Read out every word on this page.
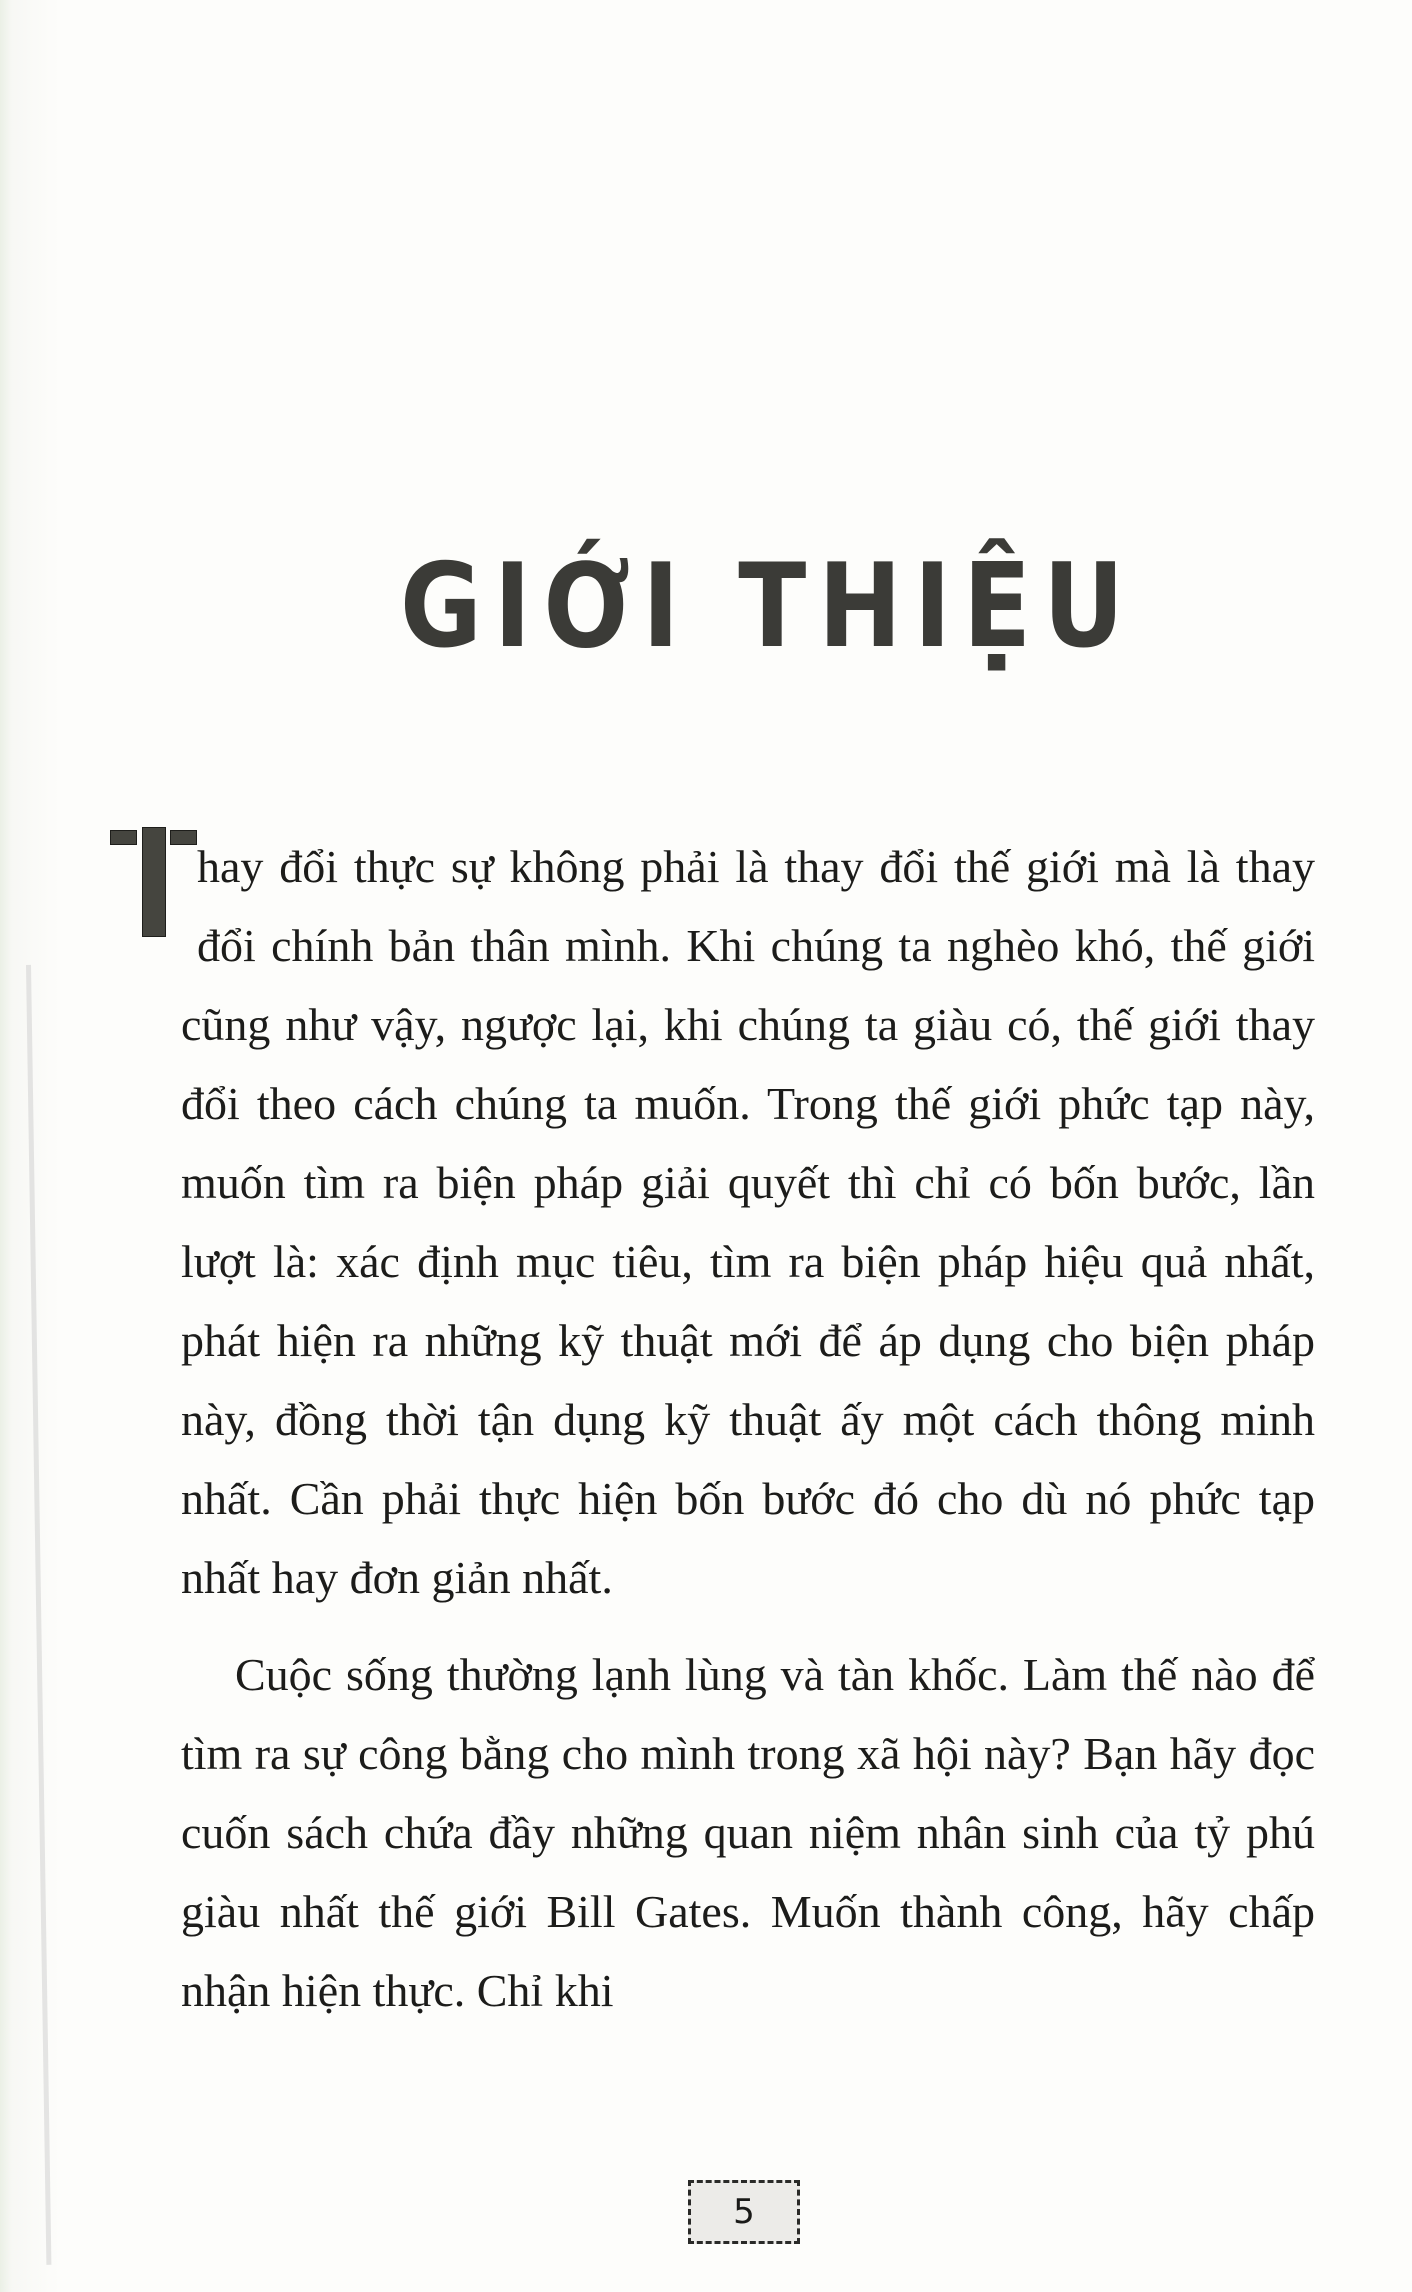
GIỚI THIỆU

hay đổi thực sự không phải là thay đổi thế giới mà là thay đổi chính bản thân mình. Khi chúng ta nghèo khó, thế giới cũng như vậy, ngược lại, khi chúng ta giàu có, thế giới thay đổi theo cách chúng ta muốn. Trong thế giới phức tạp này, muốn tìm ra biện pháp giải quyết thì chỉ có bốn bước, lần lượt là: xác định mục tiêu, tìm ra biện pháp hiệu quả nhất, phát hiện ra những kỹ thuật mới để áp dụng cho biện pháp này, đồng thời tận dụng kỹ thuật ấy một cách thông minh nhất. Cần phải thực hiện bốn bước đó cho dù nó phức tạp nhất hay đơn giản nhất.

Cuộc sống thường lạnh lùng và tàn khốc. Làm thế nào để tìm ra sự công bằng cho mình trong xã hội này? Bạn hãy đọc cuốn sách chứa đầy những quan niệm nhân sinh của tỷ phú giàu nhất thế giới Bill Gates. Muốn thành công, hãy chấp nhận hiện thực. Chỉ khi

5
